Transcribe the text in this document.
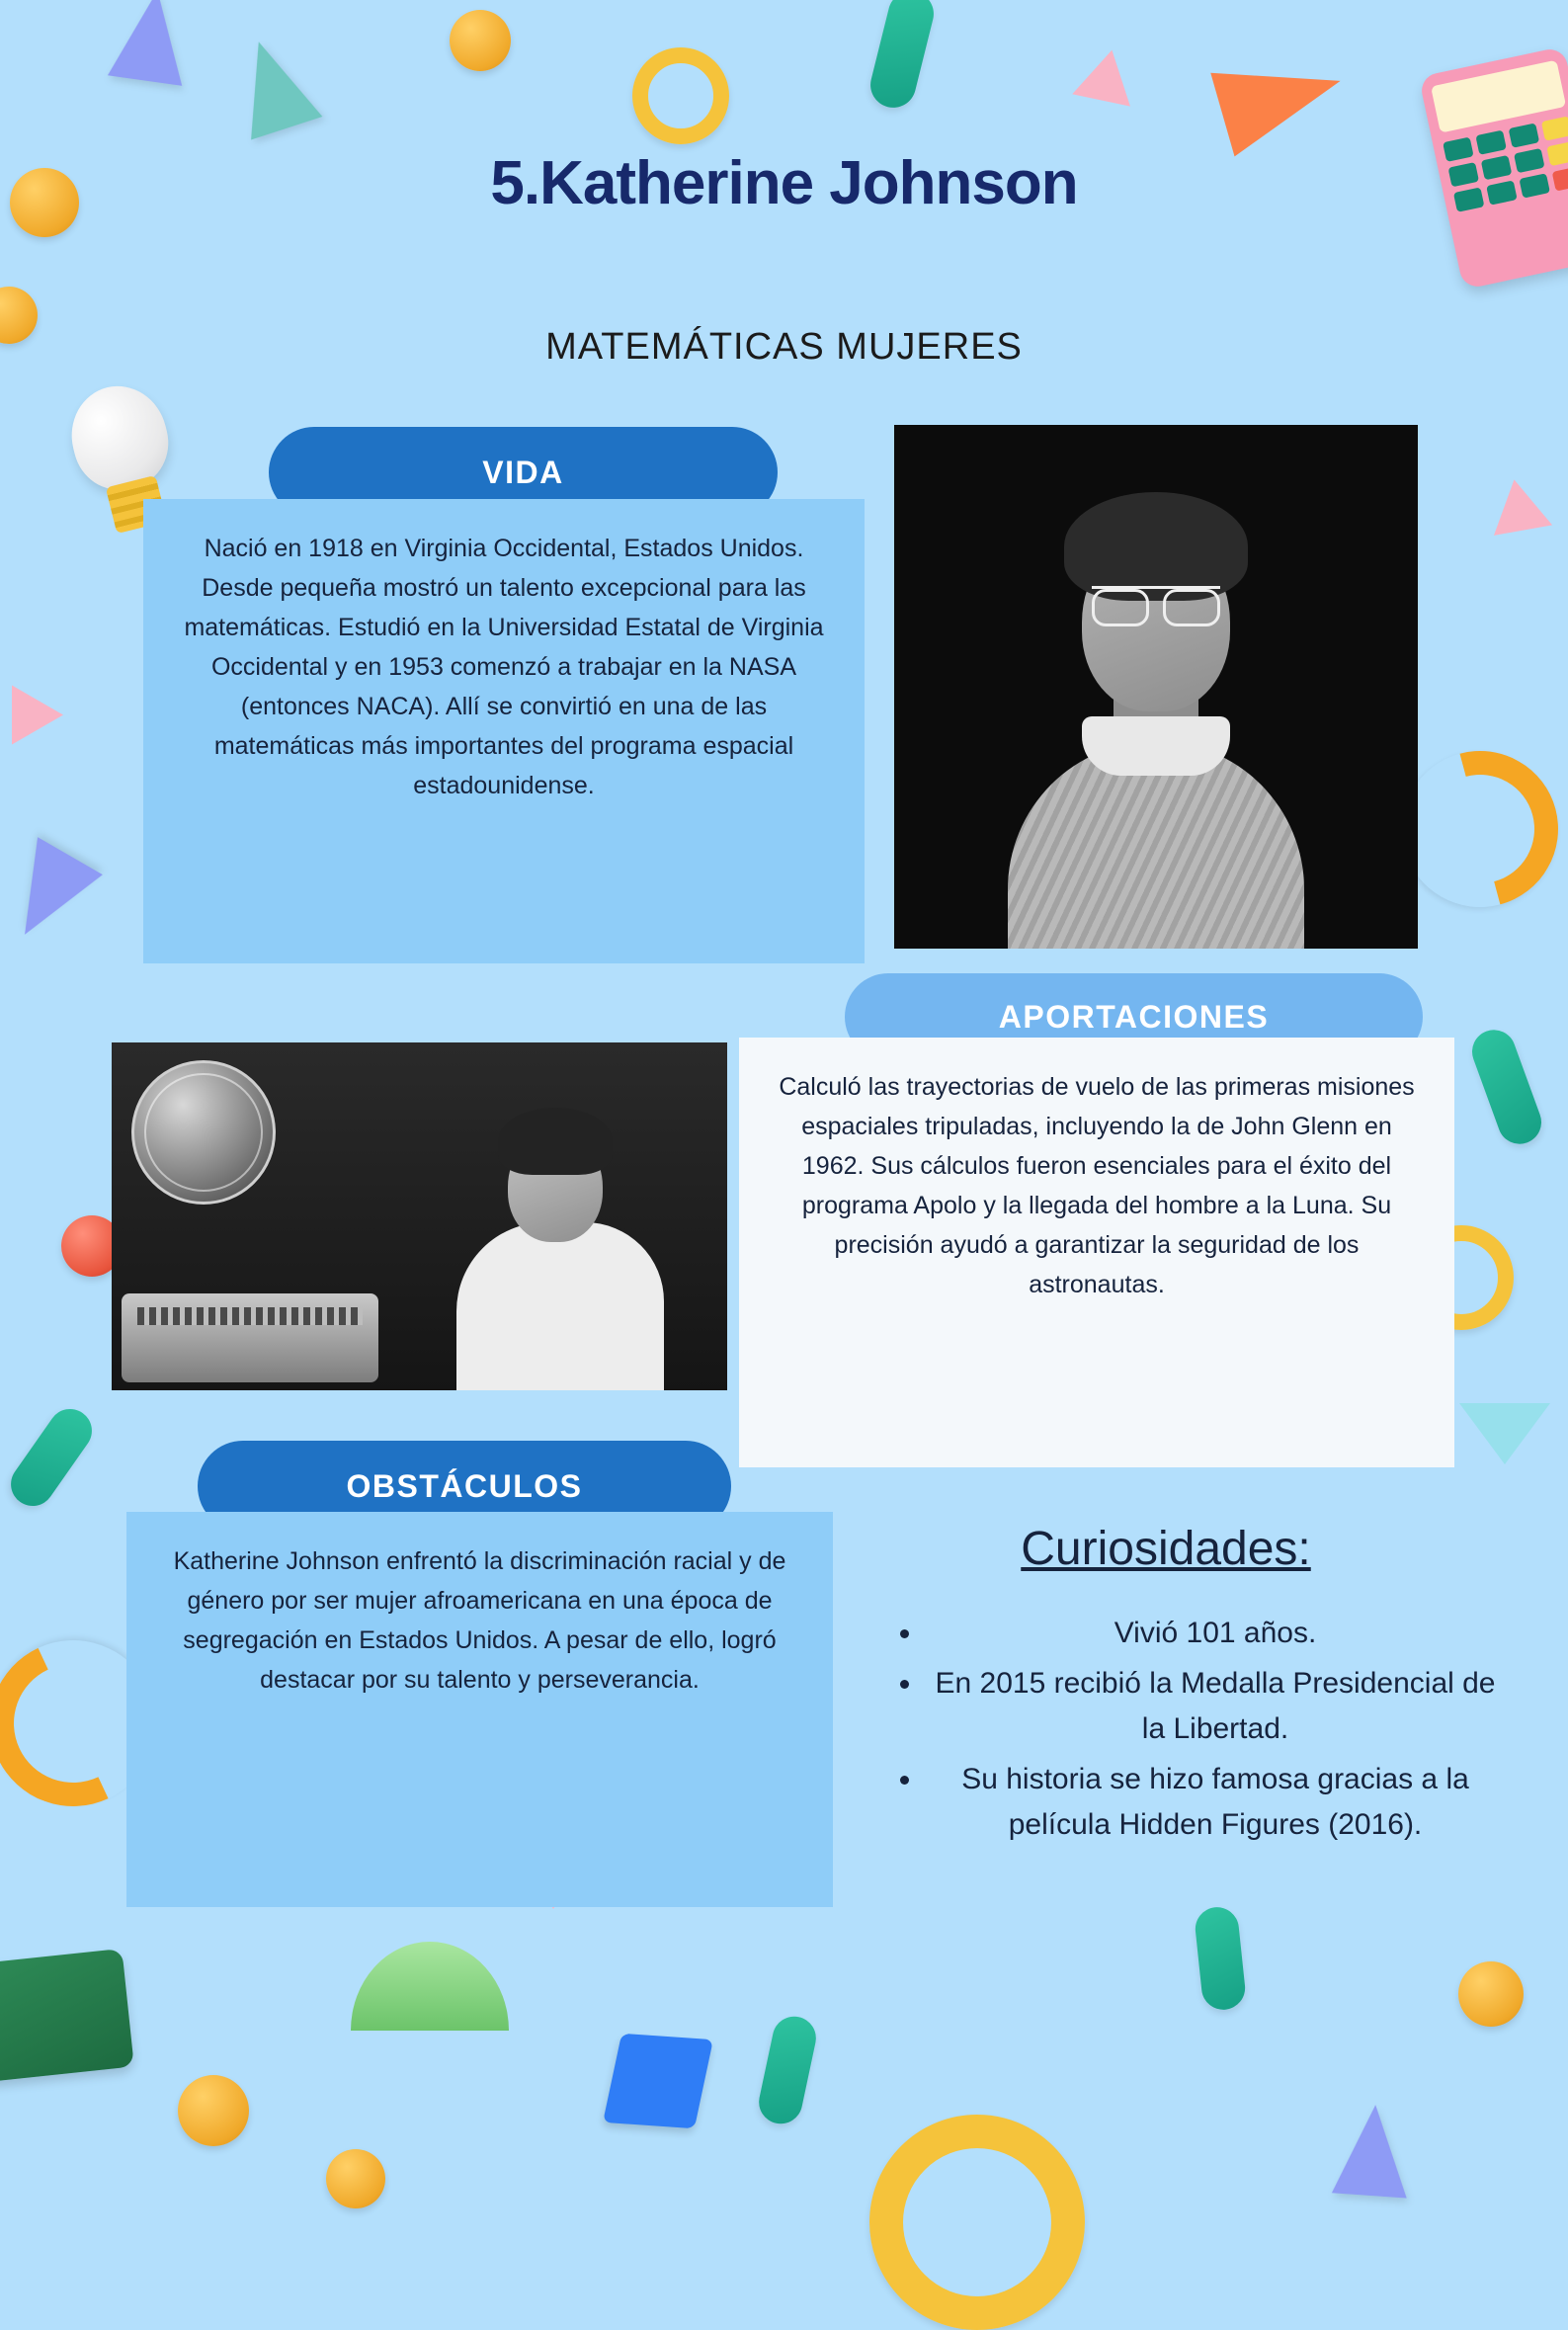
5.Katherine Johnson
MATEMÁTICAS MUJERES
VIDA
Nació en 1918 en Virginia Occidental, Estados Unidos. Desde pequeña mostró un talento excepcional para las matemáticas. Estudió en la Universidad Estatal de Virginia Occidental y en 1953 comenzó a trabajar en la NASA (entonces NACA). Allí se convirtió en una de las matemáticas más importantes del programa espacial estadounidense.
APORTACIONES
Calculó las trayectorias de vuelo de las primeras misiones espaciales tripuladas, incluyendo la de John Glenn en 1962. Sus cálculos fueron esenciales para el éxito del programa Apolo y la llegada del hombre a la Luna. Su precisión ayudó a garantizar la seguridad de los astronautas.
OBSTÁCULOS
Katherine Johnson enfrentó la discriminación racial y de género por ser mujer afroamericana en una época de segregación en Estados Unidos. A pesar de ello, logró destacar por su talento y perseverancia.
Curiosidades:
• Vivió 101 años.
• En 2015 recibió la Medalla Presidencial de la Libertad.
• Su historia se hizo famosa gracias a la película Hidden Figures (2016).
